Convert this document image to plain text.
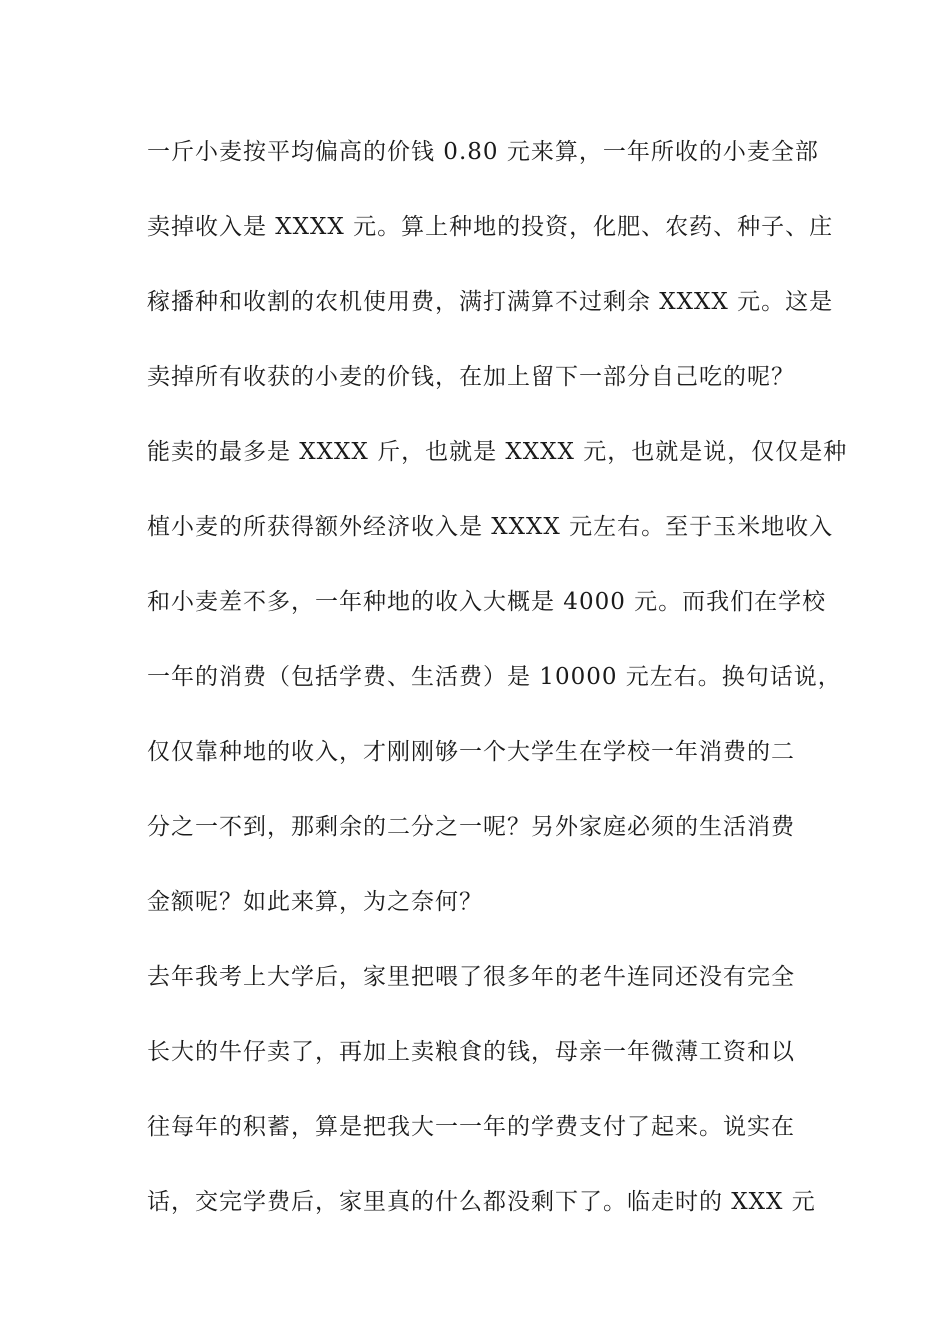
一斤小麦按平均偏高的价钱 0.80 元来算，一年所收的小麦全部
卖掉收入是 XXXX 元。算上种地的投资，化肥、农药、种子、庄
稼播种和收割的农机使用费，满打满算不过剩余 XXXX 元。这是
卖掉所有收获的小麦的价钱，在加上留下一部分自己吃的呢？
能卖的最多是 XXXX 斤，也就是 XXXX 元，也就是说，仅仅是种
植小麦的所获得额外经济收入是 XXXX 元左右。至于玉米地收入
和小麦差不多，一年种地的收入大概是 4000 元。而我们在学校
一年的消费（包括学费、生活费）是 10000 元左右。换句话说，
仅仅靠种地的收入，才刚刚够一个大学生在学校一年消费的二
分之一不到，那剩余的二分之一呢？另外家庭必须的生活消费
金额呢？如此来算，为之奈何？
去年我考上大学后，家里把喂了很多年的老牛连同还没有完全
长大的牛仔卖了，再加上卖粮食的钱，母亲一年微薄工资和以
往每年的积蓄，算是把我大一一年的学费支付了起来。说实在
话，交完学费后，家里真的什么都没剩下了。临走时的 XXX 元
